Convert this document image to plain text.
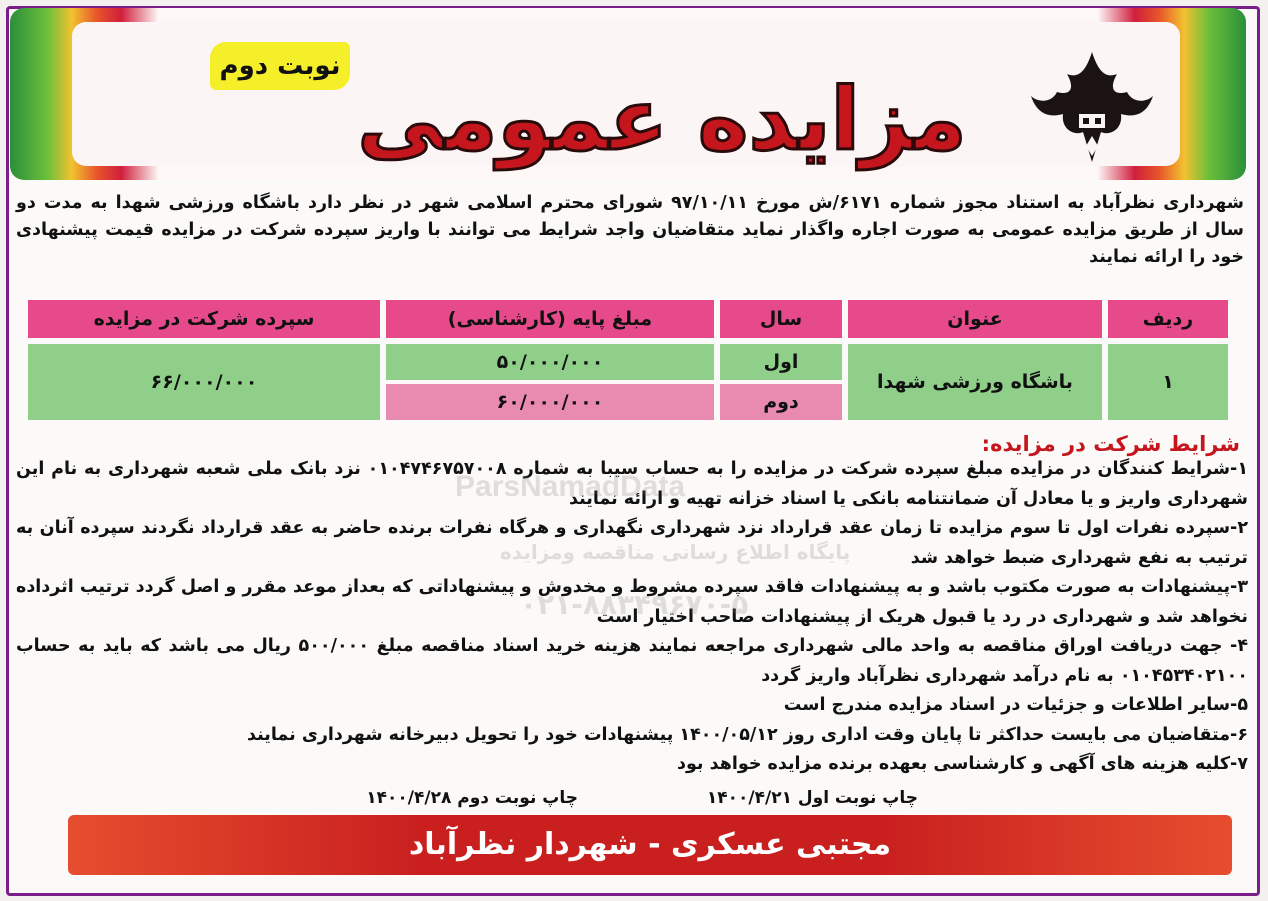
نوبت دوم
مزایده عمومی
شهرداری نظرآباد به استناد مجوز شماره ۶۱۷۱/ش مورخ ۹۷/۱۰/۱۱ شورای محترم اسلامی شهر در نظر دارد باشگاه ورزشی شهدا به مدت دو سال از طریق مزایده عمومی به صورت اجاره واگذار نماید متقاضیان واجد شرایط می توانند با واریز سپرده شرکت در مزایده قیمت پیشنهادی خود را ارائه نمایند
ردیف
عنوان
سال
مبلغ پایه (کارشناسی)
سپرده شرکت در مزایده
۱
باشگاه ورزشی شهدا
اول
دوم
۵۰/۰۰۰/۰۰۰
۶۰/۰۰۰/۰۰۰
۶۶/۰۰۰/۰۰۰
شرایط شرکت در مزایده:

۱-شرایط کنندگان در مزایده مبلغ سپرده شرکت در مزایده را به حساب سیبا به شماره ۰۱۰۴۷۴۶۷۵۷۰۰۸ نزد بانک ملی شعبه شهرداری به نام این شهرداری واریز و یا معادل آن ضمانتنامه بانکی یا اسناد خزانه تهیه و ارائه نمایند

۲-سپرده نفرات اول تا سوم مزایده تا زمان عقد قرارداد نزد شهرداری نگهداری و هرگاه نفرات برنده حاضر به عقد قرارداد نگردند سپرده آنان به ترتیب به نفع شهرداری ضبط خواهد شد

۳-پیشنهادات به صورت مکتوب باشد و به پیشنهادات فاقد سپرده مشروط و مخدوش و پیشنهاداتی که بعداز موعد مقرر و اصل گردد ترتیب اثرداده نخواهد شد و شهرداری در رد یا قبول هریک از پیشنهادات صاحب اختیار است

۴- جهت دریافت اوراق مناقصه به واحد مالی شهرداری مراجعه نمایند هزینه خرید اسناد مناقصه مبلغ ۵۰۰/۰۰۰ ریال می باشد که باید به حساب ۰۱۰۴۵۳۴۰۲۱۰۰ به نام درآمد شهرداری نظرآباد واریز گردد

۵-سایر اطلاعات و جزئیات در اسناد مزایده مندرج است

۶-متقاضیان می بایست حداکثر تا پایان وقت اداری روز ۱۴۰۰/۰۵/۱۲ پیشنهادات خود را تحویل دبیرخانه شهرداری نمایند

۷-کلیه هزینه های آگهی و کارشناسی بعهده برنده مزایده خواهد بود

چاپ نوبت اول ۱۴۰۰/۴/۲۱
چاپ نوبت دوم ۱۴۰۰/۴/۲۸
مجتبی عسکری - شهردار نظرآباد
ParsNamadData
پایگاه اطلاع رسانی مناقصه ومزایده
۰۲۱-۸۸۳۴۹۶۷۰-۵
